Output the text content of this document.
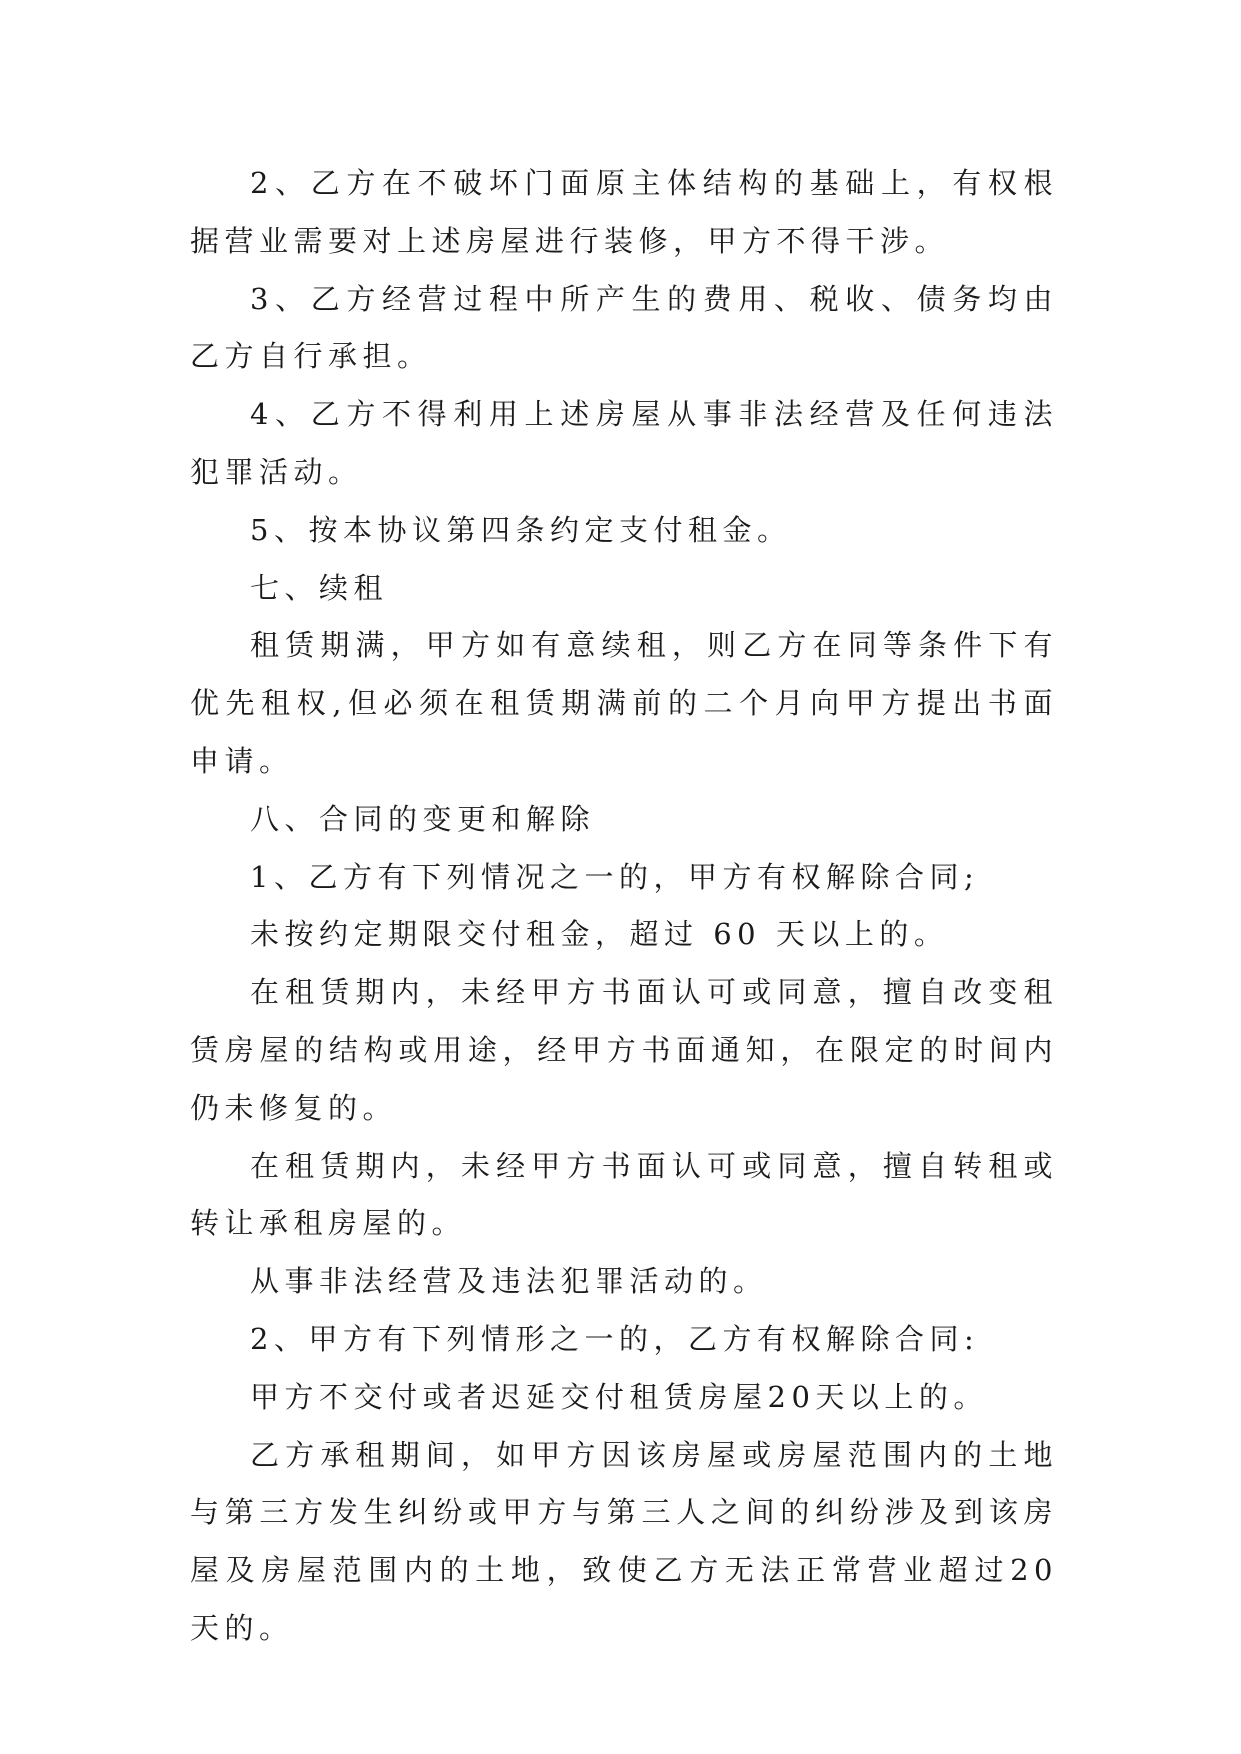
2、乙方在不破坏门面原主体结构的基础上，有权根据营业需要对上述房屋进行装修，甲方不得干涉。

3、乙方经营过程中所产生的费用、税收、债务均由乙方自行承担。

4、乙方不得利用上述房屋从事非法经营及任何违法犯罪活动。

5、按本协议第四条约定支付租金。

七、续租

租赁期满，甲方如有意续租，则乙方在同等条件下有优先租权,但必须在租赁期满前的二个月向甲方提出书面申请。

八、合同的变更和解除

1、乙方有下列情况之一的，甲方有权解除合同;

未按约定期限交付租金，超过 60 天以上的。

在租赁期内，未经甲方书面认可或同意，擅自改变租赁房屋的结构或用途，经甲方书面通知，在限定的时间内仍未修复的。

在租赁期内，未经甲方书面认可或同意，擅自转租或转让承租房屋的。

从事非法经营及违法犯罪活动的。

2、甲方有下列情形之一的，乙方有权解除合同:

甲方不交付或者迟延交付租赁房屋20天以上的。

乙方承租期间，如甲方因该房屋或房屋范围内的土地与第三方发生纠纷或甲方与第三人之间的纠纷涉及到该房屋及房屋范围内的土地，致使乙方无法正常营业超过20天的。
